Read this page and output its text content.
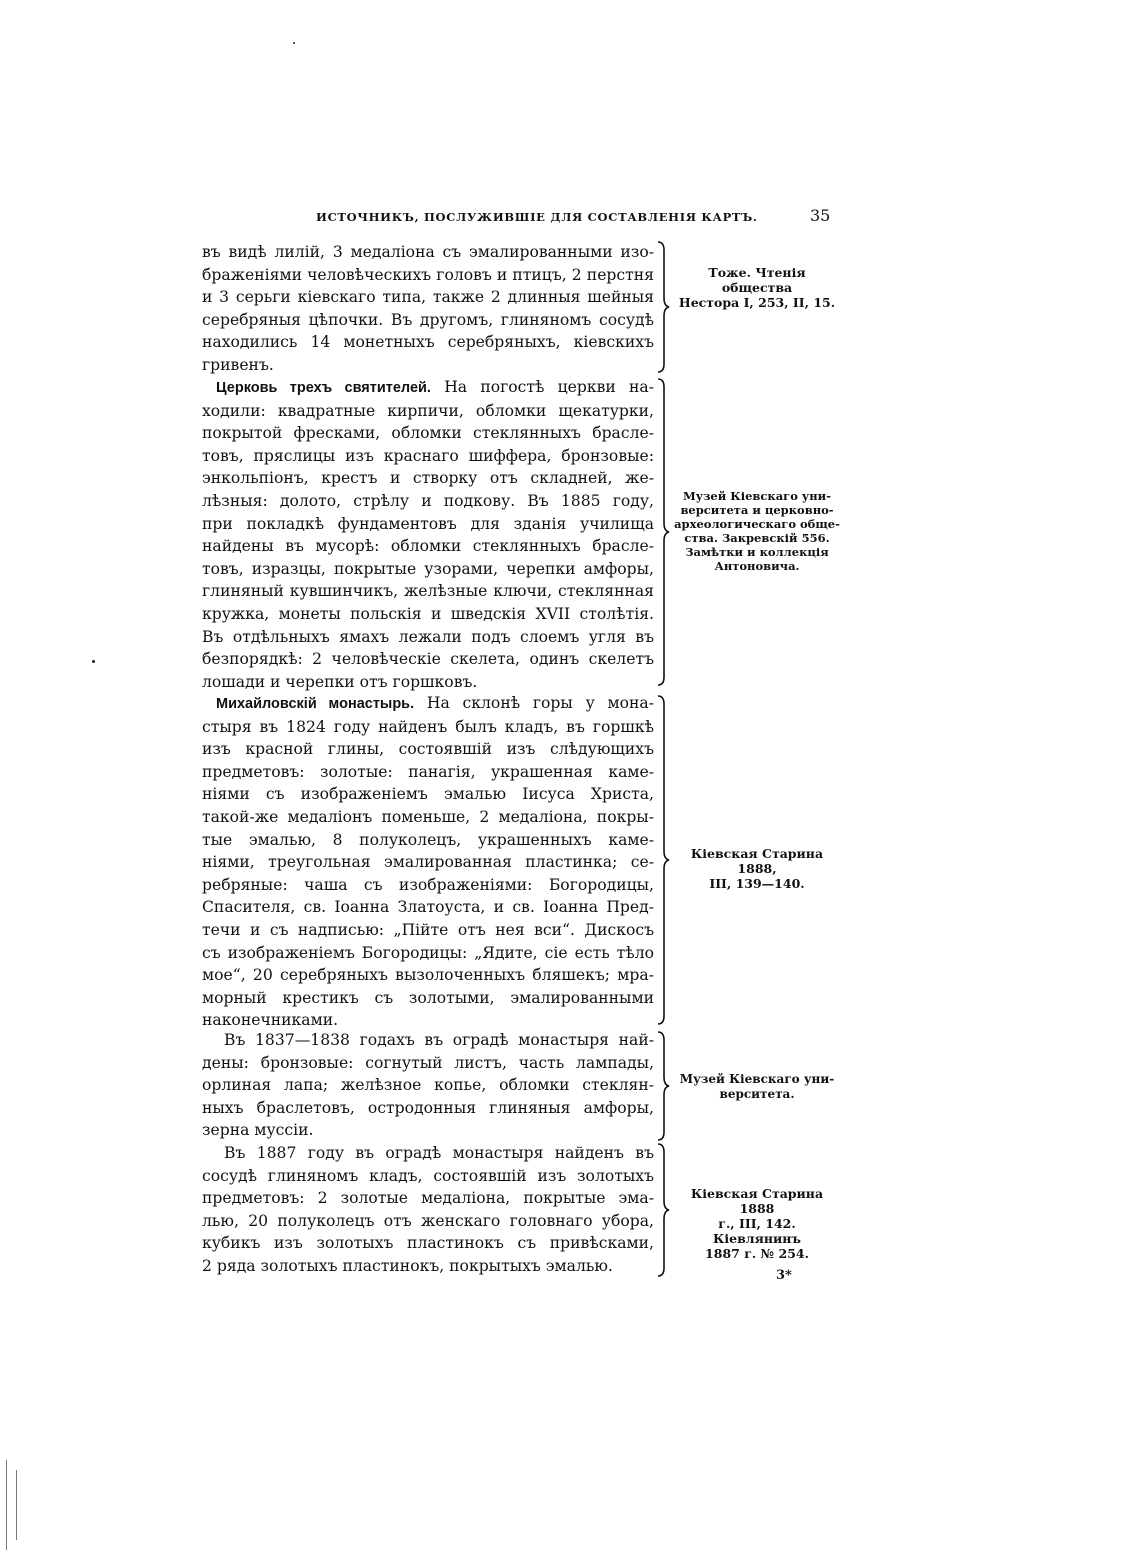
ИСТОЧНИКЪ, ПОСЛУЖИВШІЕ ДЛЯ СОСТАВЛЕНІЯ КАРТЪ.	35
въ видѣ лилій, 3 медаліона съ эмалированными изо-
браженіями человѣческихъ головъ и птицъ, 2 перстня
и 3 серьги кіевскаго типа, также 2 длинныя шейныя
серебряныя цѣпочки. Въ другомъ, глиняномъ сосудѣ
находились 14 монетныхъ серебряныхъ, кіевскихъ
гривенъ.
Церковь трехъ святителей. На погостѣ церкви на-
ходили: квадратные кирпичи, обломки щекатурки,
покрытой фресками, обломки стеклянныхъ брасле-
товъ, пряслицы изъ краснаго шиффера, бронзовые:
энкольпіонъ, крестъ и створку отъ складней, же-
лѣзныя: долото, стрѣлу и подкову. Въ 1885 году,
при покладкѣ фундаментовъ для зданія училища
найдены въ мусорѣ: обломки стеклянныхъ брасле-
товъ, изразцы, покрытые узорами, черепки амфоры,
глиняный кувшинчикъ, желѣзные ключи, стеклянная
кружка, монеты польскія и шведскія XVII столѣтія.
Въ отдѣльныхъ ямахъ лежали подъ слоемъ угля въ
безпорядкѣ: 2 человѣческіе скелета, одинъ скелетъ
лошади и черепки отъ горшковъ.
Михайловскій монастырь. На склонѣ горы у мона-
стыря въ 1824 году найденъ былъ кладъ, въ горшкѣ
изъ красной глины, состоявшій изъ слѣдующихъ
предметовъ: золотые: панагія, украшенная камe-
ніями съ изображеніемъ эмалью Іисуса Христа,
такой-же медаліонъ поменьше, 2 медаліона, покры-
тые эмалью, 8 полуколецъ, украшенныхъ камe-
ніями, треугольная эмалированная пластинка; се-
ребряные: чаша съ изображеніями: Богородицы,
Спасителя, св. Іоанна Златоуста, и св. Іоанна Пред-
течи и съ надписью: „Пійте отъ нея вси“. Дискосъ
съ изображеніемъ Богородицы: „Ядите, сіе есть тѣло
мое“, 20 серебряныхъ вызолоченныхъ бляшекъ; мра-
морный крестикъ съ золотыми, эмалированными
наконечниками.
Въ 1837—1838 годахъ въ оградѣ монастыря най-
дены: бронзовые: согнутый листъ, часть лампады,
орлиная лапа; желѣзное копье, обломки стеклян-
ныхъ браслетовъ, остродонныя глиняныя амфоры,
зерна муссіи.
Въ 1887 году въ оградѣ монастыря найденъ въ
сосудѣ глиняномъ кладъ, состоявшій изъ золотыхъ
предметовъ: 2 золотые медаліона, покрытые эма-
лью, 20 полуколецъ отъ женскаго головнаго убора,
кубикъ изъ золотыхъ пластинокъ съ привѣсками,
2 ряда золотыхъ пластинокъ, покрытыхъ эмалью.
Тоже. Чтенія общества
Нестора I, 253, II, 15.
Музей Кіевскаго уни-
верситета и церковно-
археологическаго обще-
ства. Закревскій 556.
Замѣтки и коллекція
Антоновича.
Кіевская Старина 1888,
III, 139—140.
Музей Кіевскаго уни-
верситета.
Кіевская Старина 1888
г., III, 142. Кіевлянинъ
1887 г. № 254.
3*
